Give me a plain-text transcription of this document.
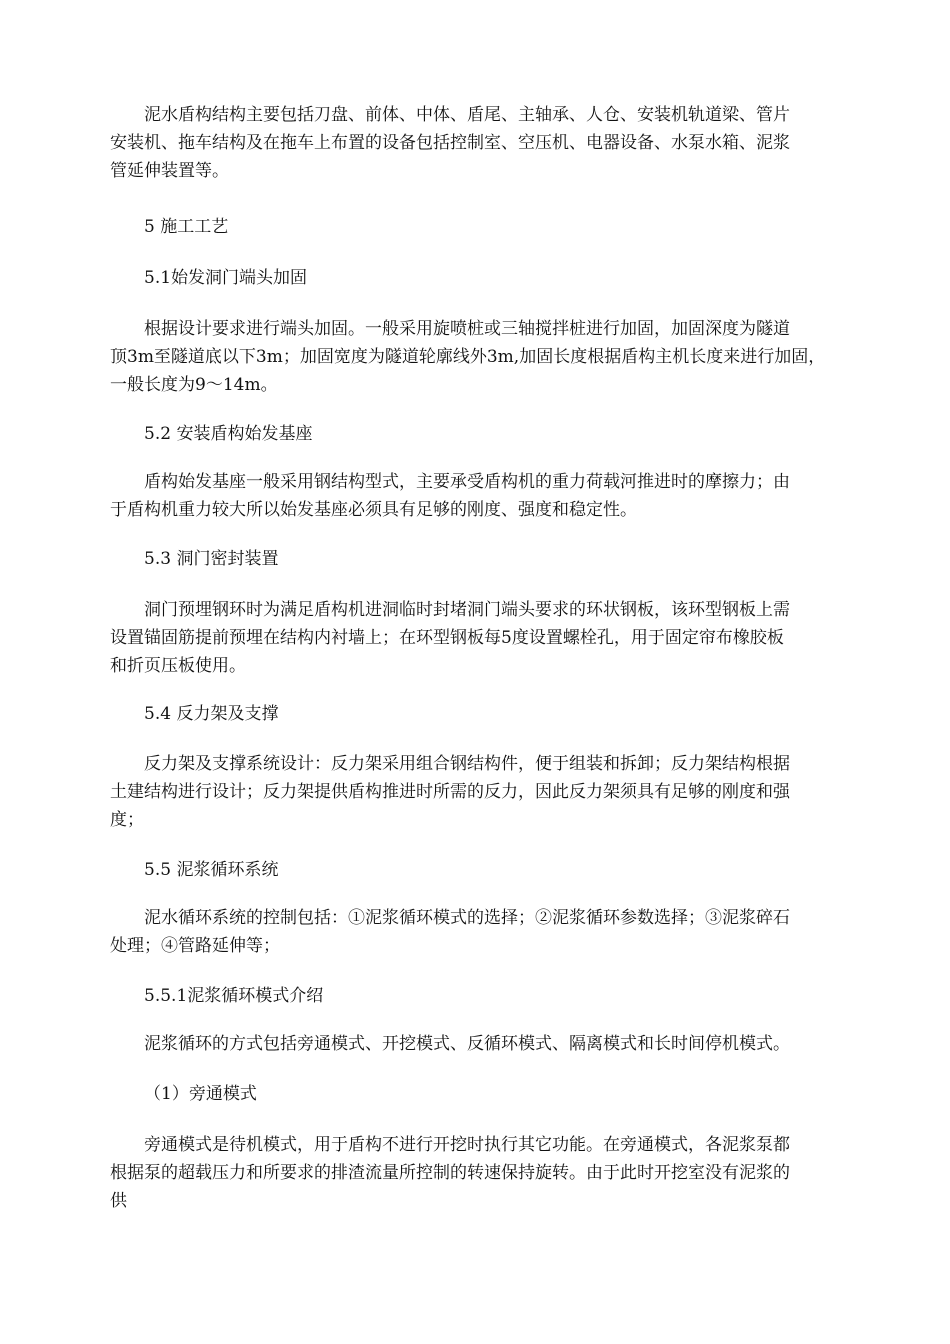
泥水盾构结构主要包括刀盘、前体、中体、盾尾、主轴承、人仓、安装机轨道梁、管片
安装机、拖车结构及在拖车上布置的设备包括控制室、空压机、电器设备、水泵水箱、泥浆
管延伸装置等。

5 施工工艺

5.1始发洞门端头加固

根据设计要求进行端头加固。一般采用旋喷桩或三轴搅拌桩进行加固，加固深度为隧道
顶3m至隧道底以下3m；加固宽度为隧道轮廓线外3m,加固长度根据盾构主机长度来进行加固，
一般长度为9～14m。

5.2 安装盾构始发基座

盾构始发基座一般采用钢结构型式，主要承受盾构机的重力荷载河推进时的摩擦力；由
于盾构机重力较大所以始发基座必须具有足够的刚度、强度和稳定性。

5.3 洞门密封装置

洞门预埋钢环时为满足盾构机进洞临时封堵洞门端头要求的环状钢板，该环型钢板上需
设置锚固筋提前预埋在结构内衬墙上；在环型钢板每5度设置螺栓孔，用于固定帘布橡胶板
和折页压板使用。

5.4 反力架及支撑

反力架及支撑系统设计：反力架采用组合钢结构件，便于组装和拆卸；反力架结构根据
土建结构进行设计；反力架提供盾构推进时所需的反力，因此反力架须具有足够的刚度和强
度；

5.5 泥浆循环系统

泥水循环系统的控制包括：①泥浆循环模式的选择；②泥浆循环参数选择；③泥浆碎石
处理；④管路延伸等；

5.5.1泥浆循环模式介绍

泥浆循环的方式包括旁通模式、开挖模式、反循环模式、隔离模式和长时间停机模式。

（1）旁通模式

旁通模式是待机模式，用于盾构不进行开挖时执行其它功能。在旁通模式，各泥浆泵都
根据泵的超载压力和所要求的排渣流量所控制的转速保持旋转。由于此时开挖室没有泥浆的
供
